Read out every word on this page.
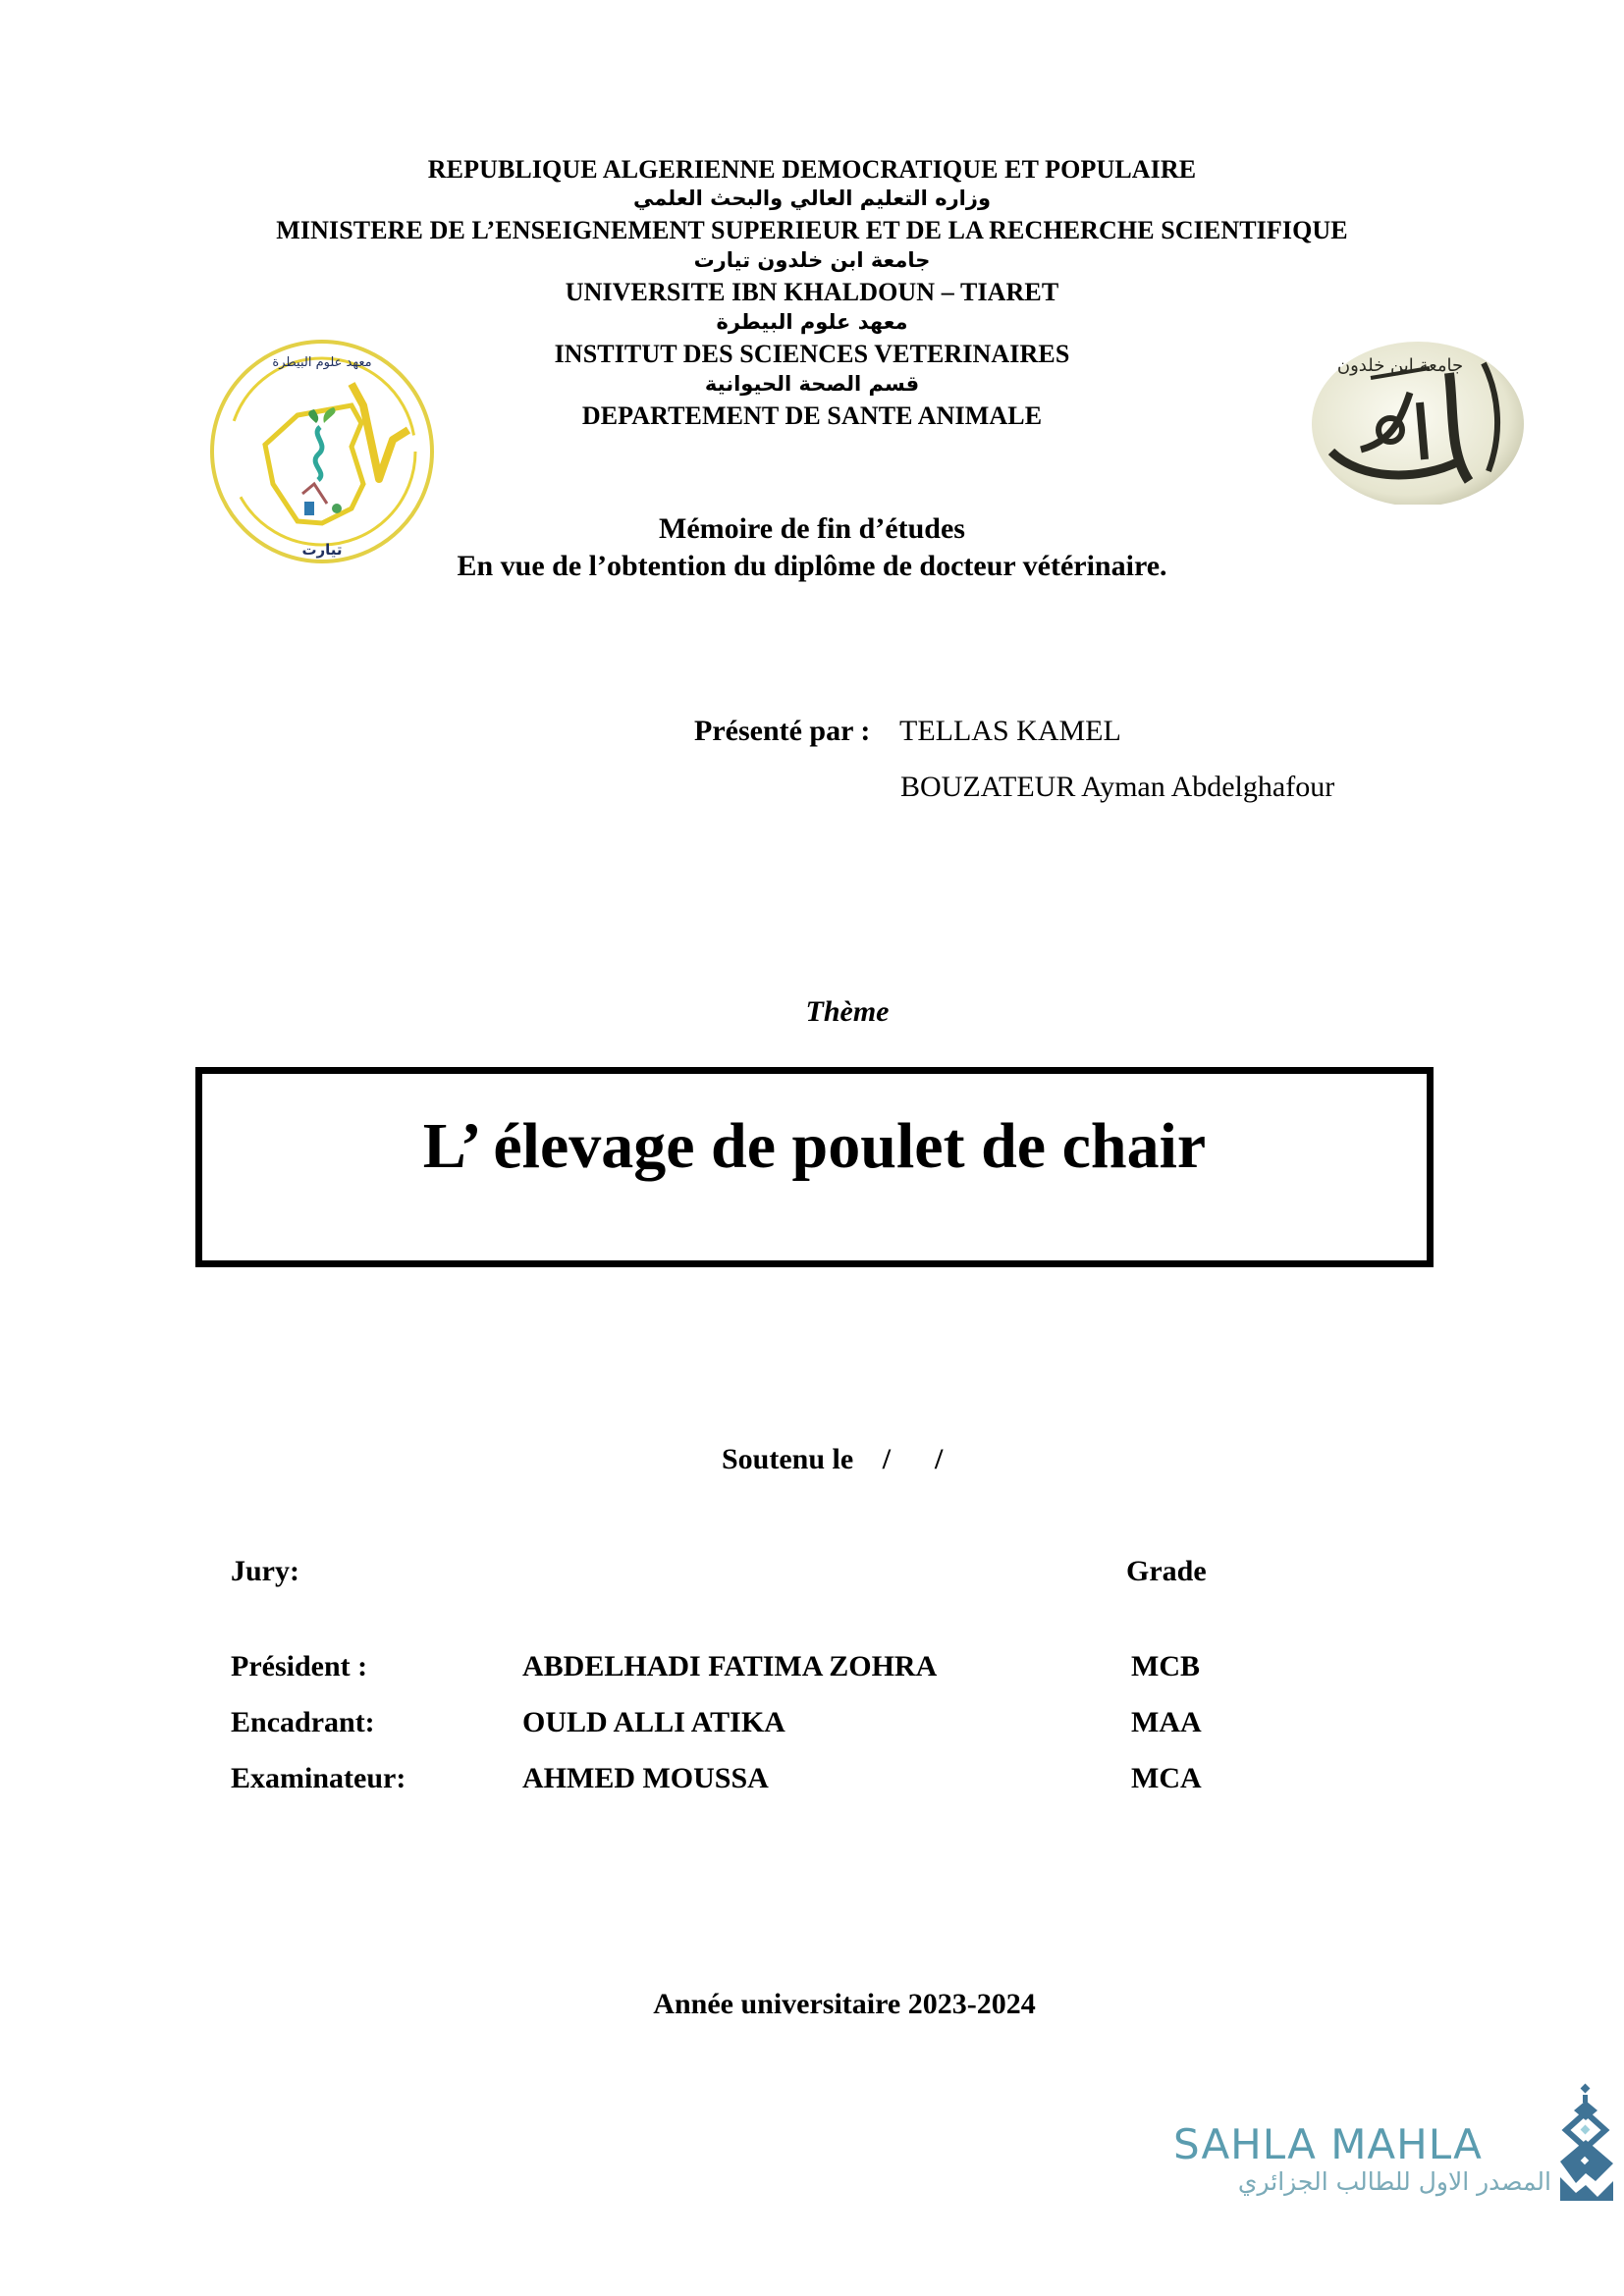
REPUBLIQUE ALGERIENNE DEMOCRATIQUE ET POPULAIRE
وزاره التعليم العالي والبحث العلمي
MINISTERE DE L’ENSEIGNEMENT SUPERIEUR ET DE LA RECHERCHE SCIENTIFIQUE
جامعة ابن خلدون تيارت
UNIVERSITE IBN KHALDOUN – TIARET
معهد علوم البيطرة
INSTITUT DES SCIENCES VETERINAIRES
قسم الصحة الحيوانية
DEPARTEMENT DE SANTE ANIMALE
Mémoire de fin d’études
En vue de l’obtention du diplôme de docteur vétérinaire.
معهد علوم البيطرة
تيارت
جامعة ابن خلدون
Présenté par : TELLAS KAMEL
BOUZATEUR Ayman Abdelghafour
Thème
L’ élevage de poulet de chair
Soutenu le /      /
Jury:	Grade
Président :	ABDELHADI FATIMA ZOHRA	MCB
Encadrant:	OULD ALLI ATIKA	MAA
Examinateur:	AHMED MOUSSA	MCA
Année universitaire 2023-2024
SAHLA MAHLA
المصدر الاول للطالب الجزائري
